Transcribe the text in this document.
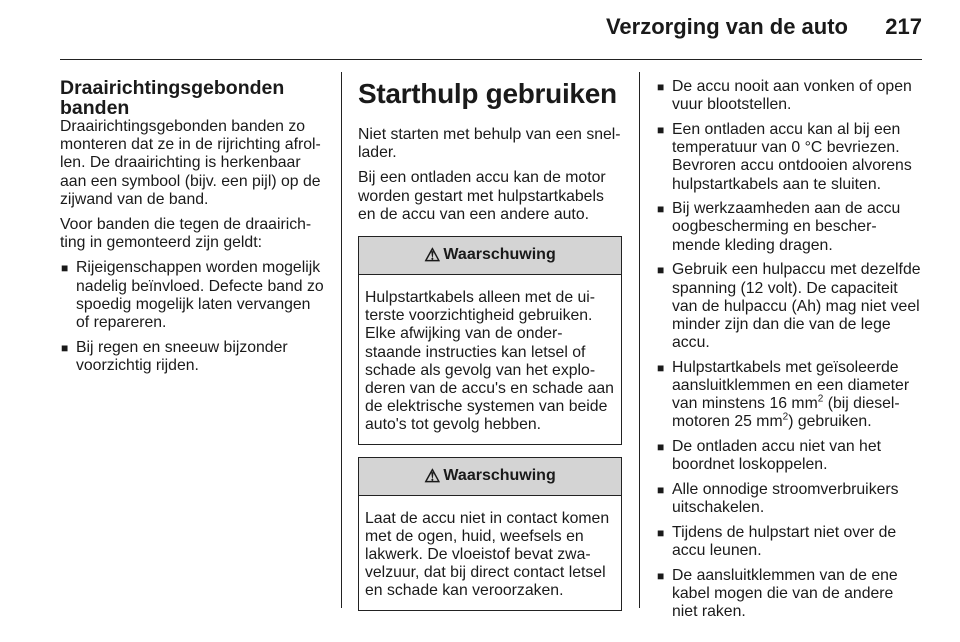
Verzorging van de auto	217
Draairichtingsgebonden banden

Draairichtingsgebonden banden zo monteren dat ze in de rijrichting afrol-len. De draairichting is herkenbaar aan een symbool (bijv. een pijl) op de zijwand van de band.

Voor banden die tegen de draairich-ting in gemonteerd zijn geldt:

■ Rijeigenschappen worden mogelijk nadelig beïnvloed. Defecte band zo spoedig mogelijk laten vervangen of repareren.
■ Bij regen en sneeuw bijzonder voorzichtig rijden.
Starthulp gebruiken

Niet starten met behulp van een snel-lader.

Bij een ontladen accu kan de motor worden gestart met hulpstartkabels en de accu van een andere auto.

⚠ Waarschuwing
Hulpstartkabels alleen met de ui-terste voorzichtigheid gebruiken. Elke afwijking van de onder-staande instructies kan letsel of schade als gevolg van het explo-deren van de accu's en schade aan de elektrische systemen van beide auto's tot gevolg hebben.
⚠ Waarschuwing
Laat de accu niet in contact komen met de ogen, huid, weefsels en lakwerk. De vloeistof bevat zwa-velzuur, dat bij direct contact letsel en schade kan veroorzaken.
■ De accu nooit aan vonken of open vuur blootstellen.
■ Een ontladen accu kan al bij een temperatuur van 0 °C bevriezen. Bevroren accu ontdooien alvorens hulpstartkabels aan te sluiten.
■ Bij werkzaamheden aan de accu oogbescherming en bescher-mende kleding dragen.
■ Gebruik een hulpaccu met dezelfde spanning (12 volt). De capaciteit van de hulpaccu (Ah) mag niet veel minder zijn dan die van de lege accu.
■ Hulpstartkabels met geïsoleerde aansluitklemmen en een diameter van minstens 16 $mm^2$ (bij diesel-motoren 25 $mm^2$) gebruiken.
■ De ontladen accu niet van het boordnet loskoppelen.
■ Alle onnodige stroomverbruikers uitschakelen.
■ Tijdens de hulpstart niet over de accu leunen.
■ De aansluitklemmen van de ene kabel mogen die van de andere niet raken.
